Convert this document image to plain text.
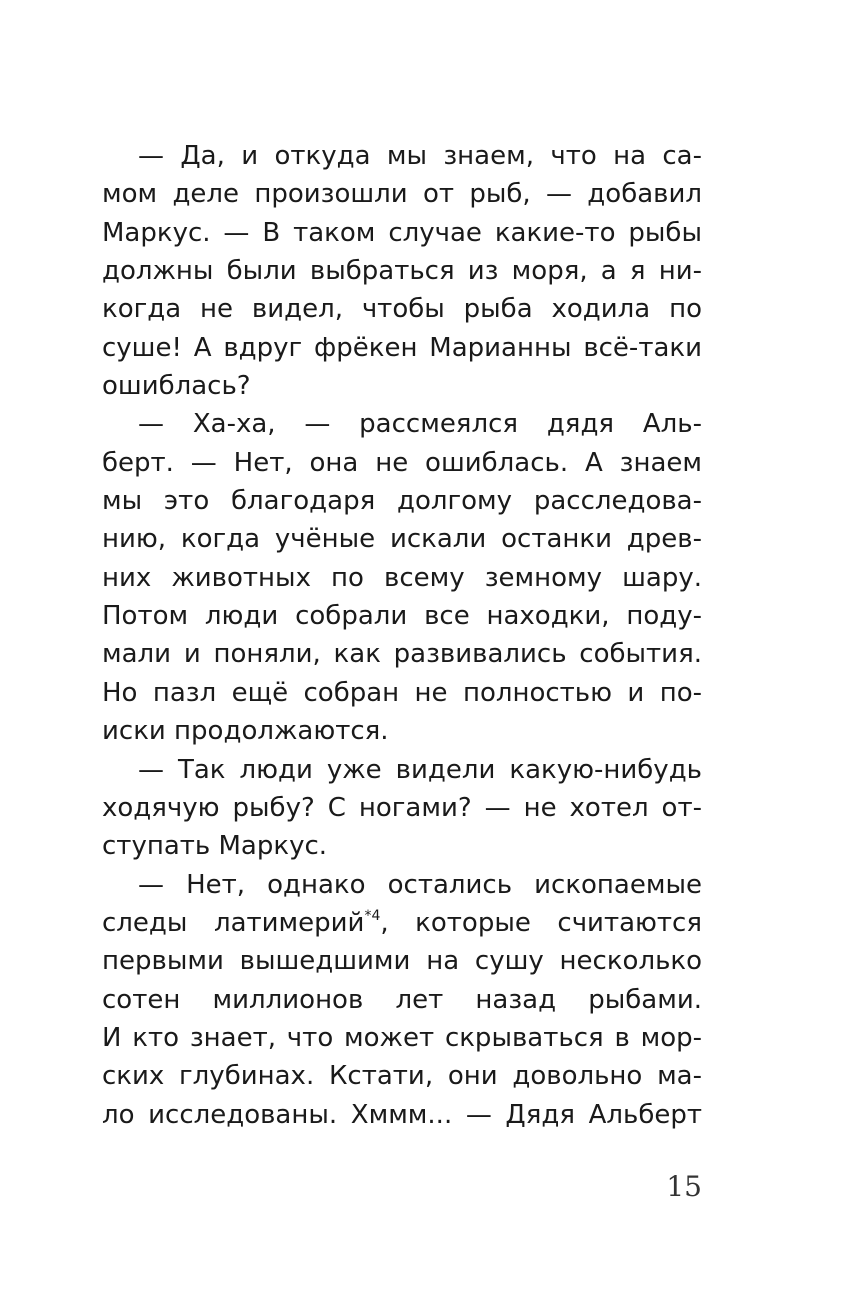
— Да, и откуда мы знаем, что на са-
мом деле произошли от рыб, — добавил
Маркус. — В таком случае какие-то рыбы
должны были выбраться из моря, а я ни-
когда не видел, чтобы рыба ходила по
суше! А вдруг фрёкен Марианны всё-таки
ошиблась?
— Ха-ха, — рассмеялся дядя Аль-
берт. — Нет, она не ошиблась. А знаем
мы это благодаря долгому расследова-
нию, когда учёные искали останки древ-
них животных по всему земному шару.
Потом люди собрали все находки, поду-
мали и поняли, как развивались события.
Но пазл ещё собран не полностью и по-
иски продолжаются.
— Так люди уже видели какую-нибудь
ходячую рыбу? С ногами? — не хотел от-
ступать Маркус.
— Нет, однако остались ископаемые
следы латимерий$^{*4}$, которые считаются
первыми вышедшими на сушу несколько
сотен миллионов лет назад рыбами.
И кто знает, что может скрываться в мор-
ских глубинах. Кстати, они довольно ма-
ло исследованы. Хммм... — Дядя Альберт
15
